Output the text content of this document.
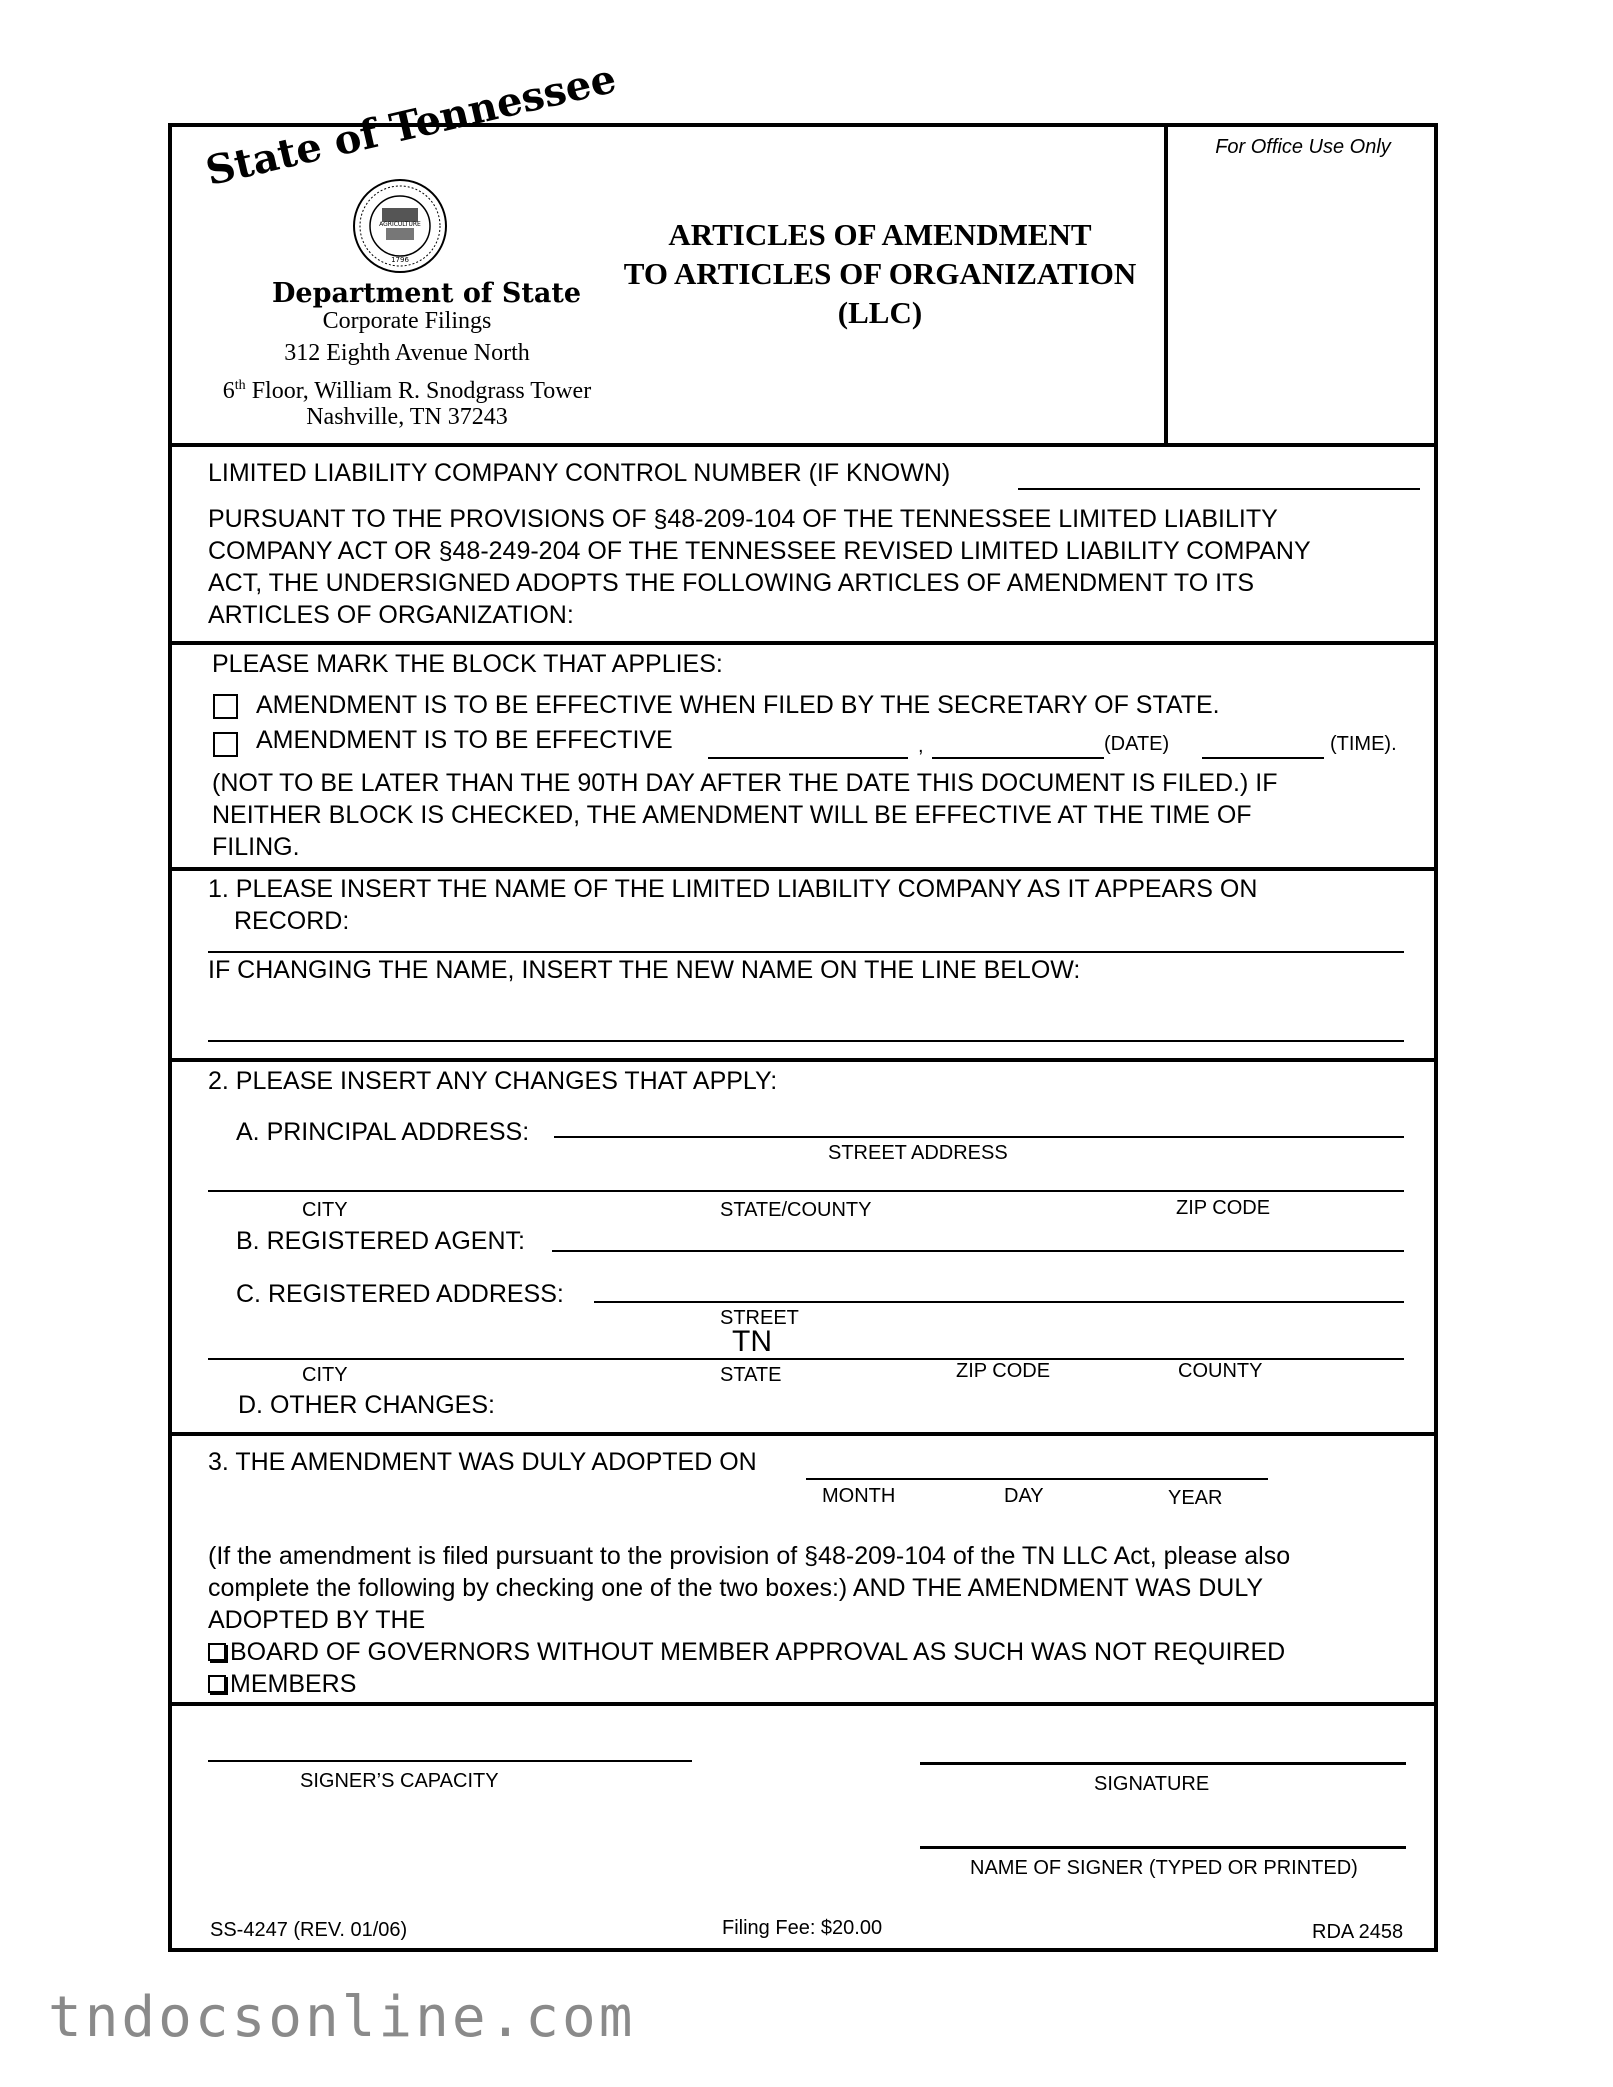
State of Tennessee
AGRICULTURE
1796
Department of State
Corporate Filings
312 Eighth Avenue North
6th Floor, William R. Snodgrass Tower
Nashville, TN 37243
ARTICLES OF AMENDMENT
TO ARTICLES OF ORGANIZATION
(LLC)
For Office Use Only
LIMITED LIABILITY COMPANY CONTROL NUMBER (IF KNOWN)
PURSUANT TO THE PROVISIONS OF §48-209-104 OF THE TENNESSEE LIMITED LIABILITY
COMPANY ACT OR §48-249-204 OF THE TENNESSEE REVISED LIMITED LIABILITY COMPANY
ACT, THE UNDERSIGNED ADOPTS THE FOLLOWING ARTICLES OF AMENDMENT TO ITS
ARTICLES OF ORGANIZATION:
PLEASE MARK THE BLOCK THAT APPLIES:
AMENDMENT IS TO BE EFFECTIVE WHEN FILED BY THE SECRETARY OF STATE.
AMENDMENT IS TO BE EFFECTIVE	,	(DATE)	(TIME).
(NOT TO BE LATER THAN THE 90TH DAY AFTER THE DATE THIS DOCUMENT IS FILED.) IF
NEITHER BLOCK IS CHECKED, THE AMENDMENT WILL BE EFFECTIVE AT THE TIME OF
FILING.
1. PLEASE INSERT THE NAME OF THE LIMITED LIABILITY COMPANY AS IT APPEARS ON
RECORD:
IF CHANGING THE NAME, INSERT THE NEW NAME ON THE LINE BELOW:
2. PLEASE INSERT ANY CHANGES THAT APPLY:
A. PRINCIPAL ADDRESS:
STREET ADDRESS
CITY	STATE/COUNTY	ZIP CODE
B. REGISTERED AGENT:
C. REGISTERED ADDRESS:
STREET
TN
CITY	STATE	ZIP CODE	COUNTY
D. OTHER CHANGES:
3. THE AMENDMENT WAS DULY ADOPTED ON
MONTH	DAY	YEAR
(If the amendment is filed pursuant to the provision of §48-209-104 of the TN LLC Act, please also
complete the following by checking one of the two boxes:) AND THE AMENDMENT WAS DULY
ADOPTED BY THE
BOARD OF GOVERNORS WITHOUT MEMBER APPROVAL AS SUCH WAS NOT REQUIRED
MEMBERS
SIGNER’S CAPACITY	SIGNATURE
NAME OF SIGNER (TYPED OR PRINTED)
SS-4247 (REV. 01/06)	Filing Fee: $20.00	RDA 2458
tndocsonline.com
